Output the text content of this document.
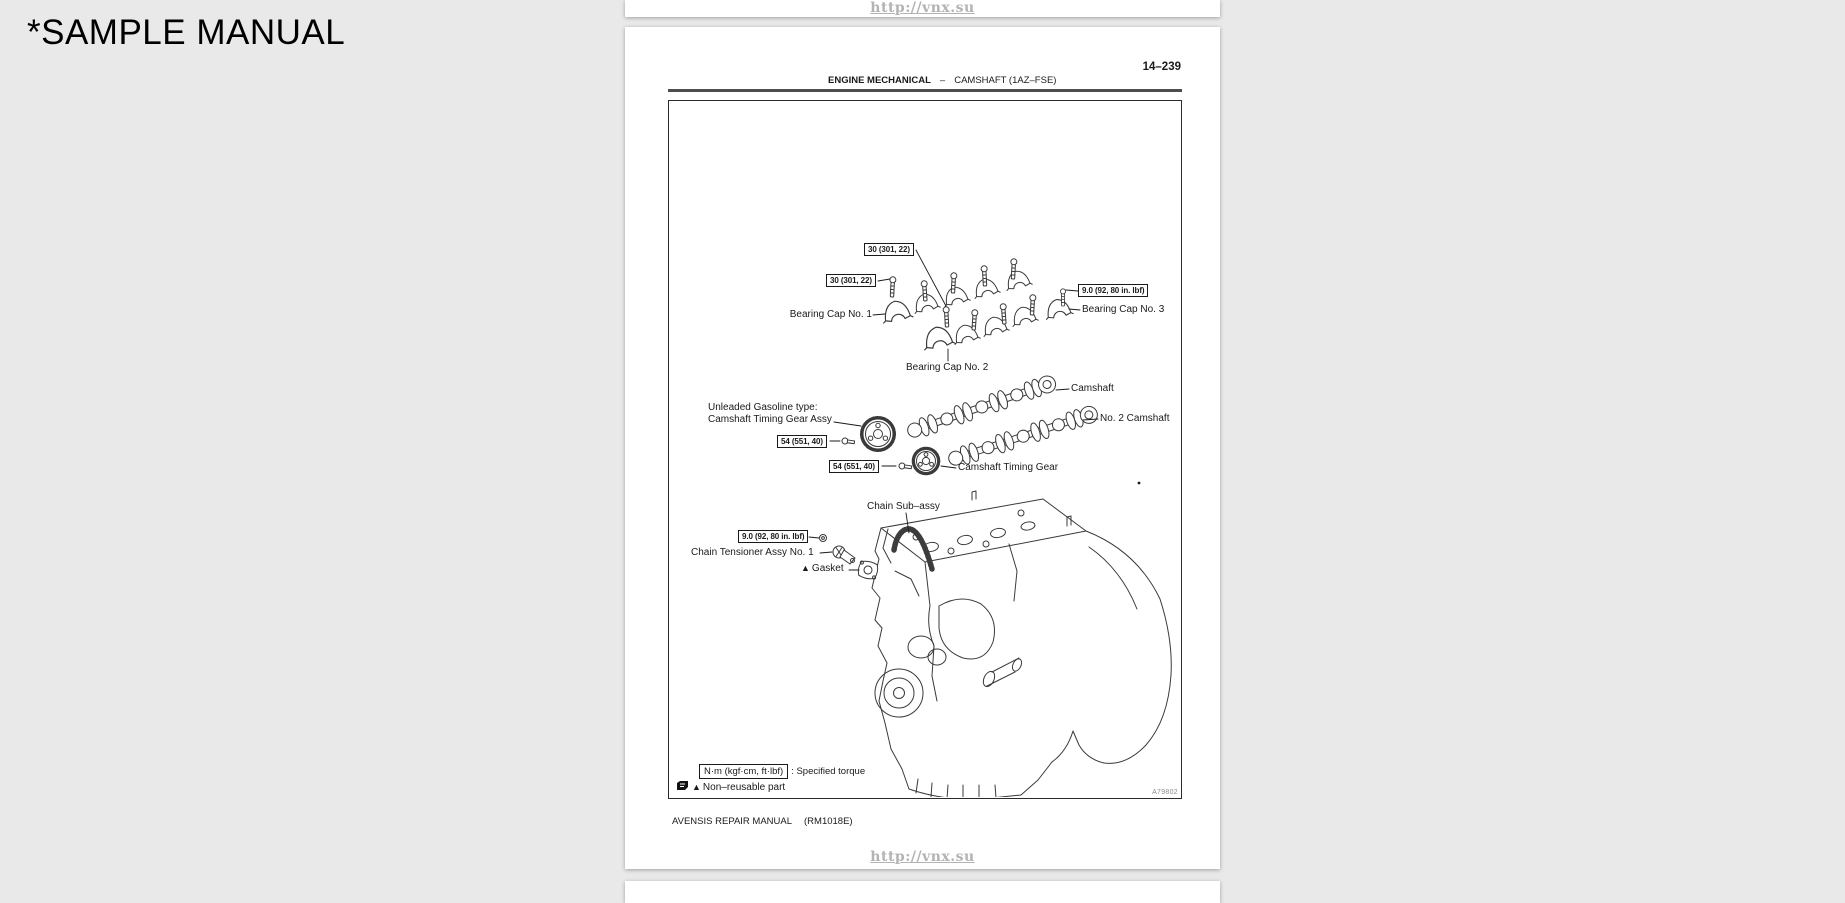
http://vnx.su
14–239
ENGINE MECHANICAL – CAMSHAFT (1AZ–FSE)
30 (301, 22)
30 (301, 22)
9.0 (92, 80 in. lbf)
54 (551, 40)
54 (551, 40)
9.0 (92, 80 in. lbf)
Bearing Cap No. 1	Bearing Cap No. 3
Bearing Cap No. 2
Camshaft
No. 2 Camshaft
Unleaded Gasoline type:
Camshaft Timing Gear Assy
Camshaft Timing Gear
Chain Sub–assy
Chain Tensioner Assy No. 1
▲ Gasket
N·m (kgf·cm, ft·lbf) : Specified torque
▲ Non–reusable part	A79802
AVENSIS REPAIR MANUAL (RM1018E)
http://vnx.su
*SAMPLE MANUAL
